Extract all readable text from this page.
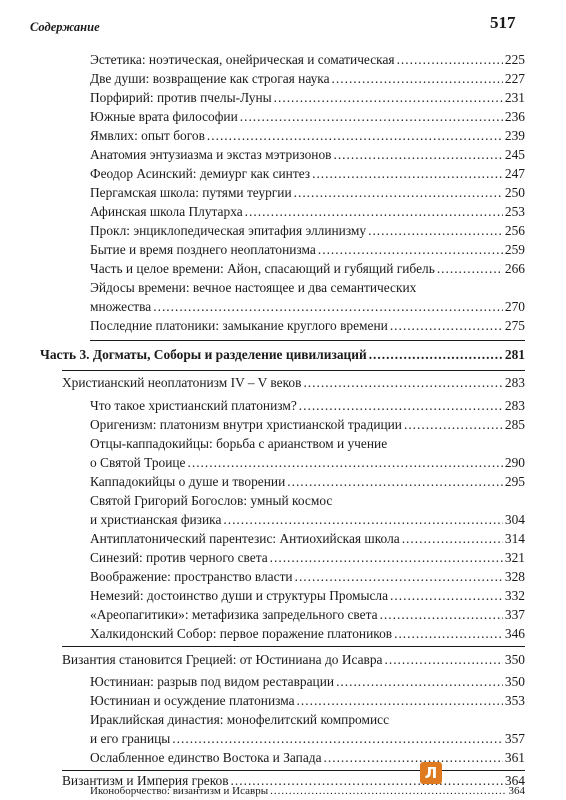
Содержание	517
Эстетика: ноэтическая, онейрическая и соматическая .....	225
Две души: возвращение как строгая наука .....	227
Порфирий: против пчелы-Луны .....	231
Южные врата философии .....	236
Ямвлих: опыт богов .....	239
Анатомия энтузиазма и экстаз мэтризонов .....	245
Феодор Асинский: демиург как синтез .....	247
Пергамская школа: путями теургии .....	250
Афинская школа Плутарха .....	253
Прокл: энциклопедическая эпитафия эллинизму .....	256
Бытие и время позднего неоплатонизма .....	259
Часть и целое времени: Айон, спасающий и губящий гибель .....	266
Эйдосы времени: вечное настоящее и два семантических
множества .....	270
Последние платоники: замыкание круглого времени .....	275
Часть 3. Догматы, Соборы и разделение цивилизаций .....	281
Христианский неоплатонизм IV – V веков .....	283
Что такое христианский платонизм? .....	283
Оригенизм: платонизм внутри христианской традиции .....	285
Отцы-каппадокийцы: борьба с арианством и учение
о Святой Троице .....	290
Каппадокийцы о душе и творении .....	295
Святой Григорий Богослов: умный космос
и христианская физика .....	304
Антиплатонический парентезис: Антиохийская школа .....	314
Синезий: против черного света .....	321
Воображение: пространство власти .....	328
Немезий: достоинство души и структуры Промысла .....	332
«Ареопагитики»: метафизика запредельного света .....	337
Халкидонский Собор: первое поражение платоников .....	346
Византия становится Грецией: от Юстиниана до Исавра .....	350
Юстиниан: разрыв под видом реставрации .....	350
Юстиниан и осуждение платонизма .....	353
Ираклийская династия: монофелитский компромисс
и его границы .....	357
Ослабленное единство Востока и Запада .....	361
Византизм и Империя греков .....	364
Иконоборчество: византизм и Исавры .....	364
Л
